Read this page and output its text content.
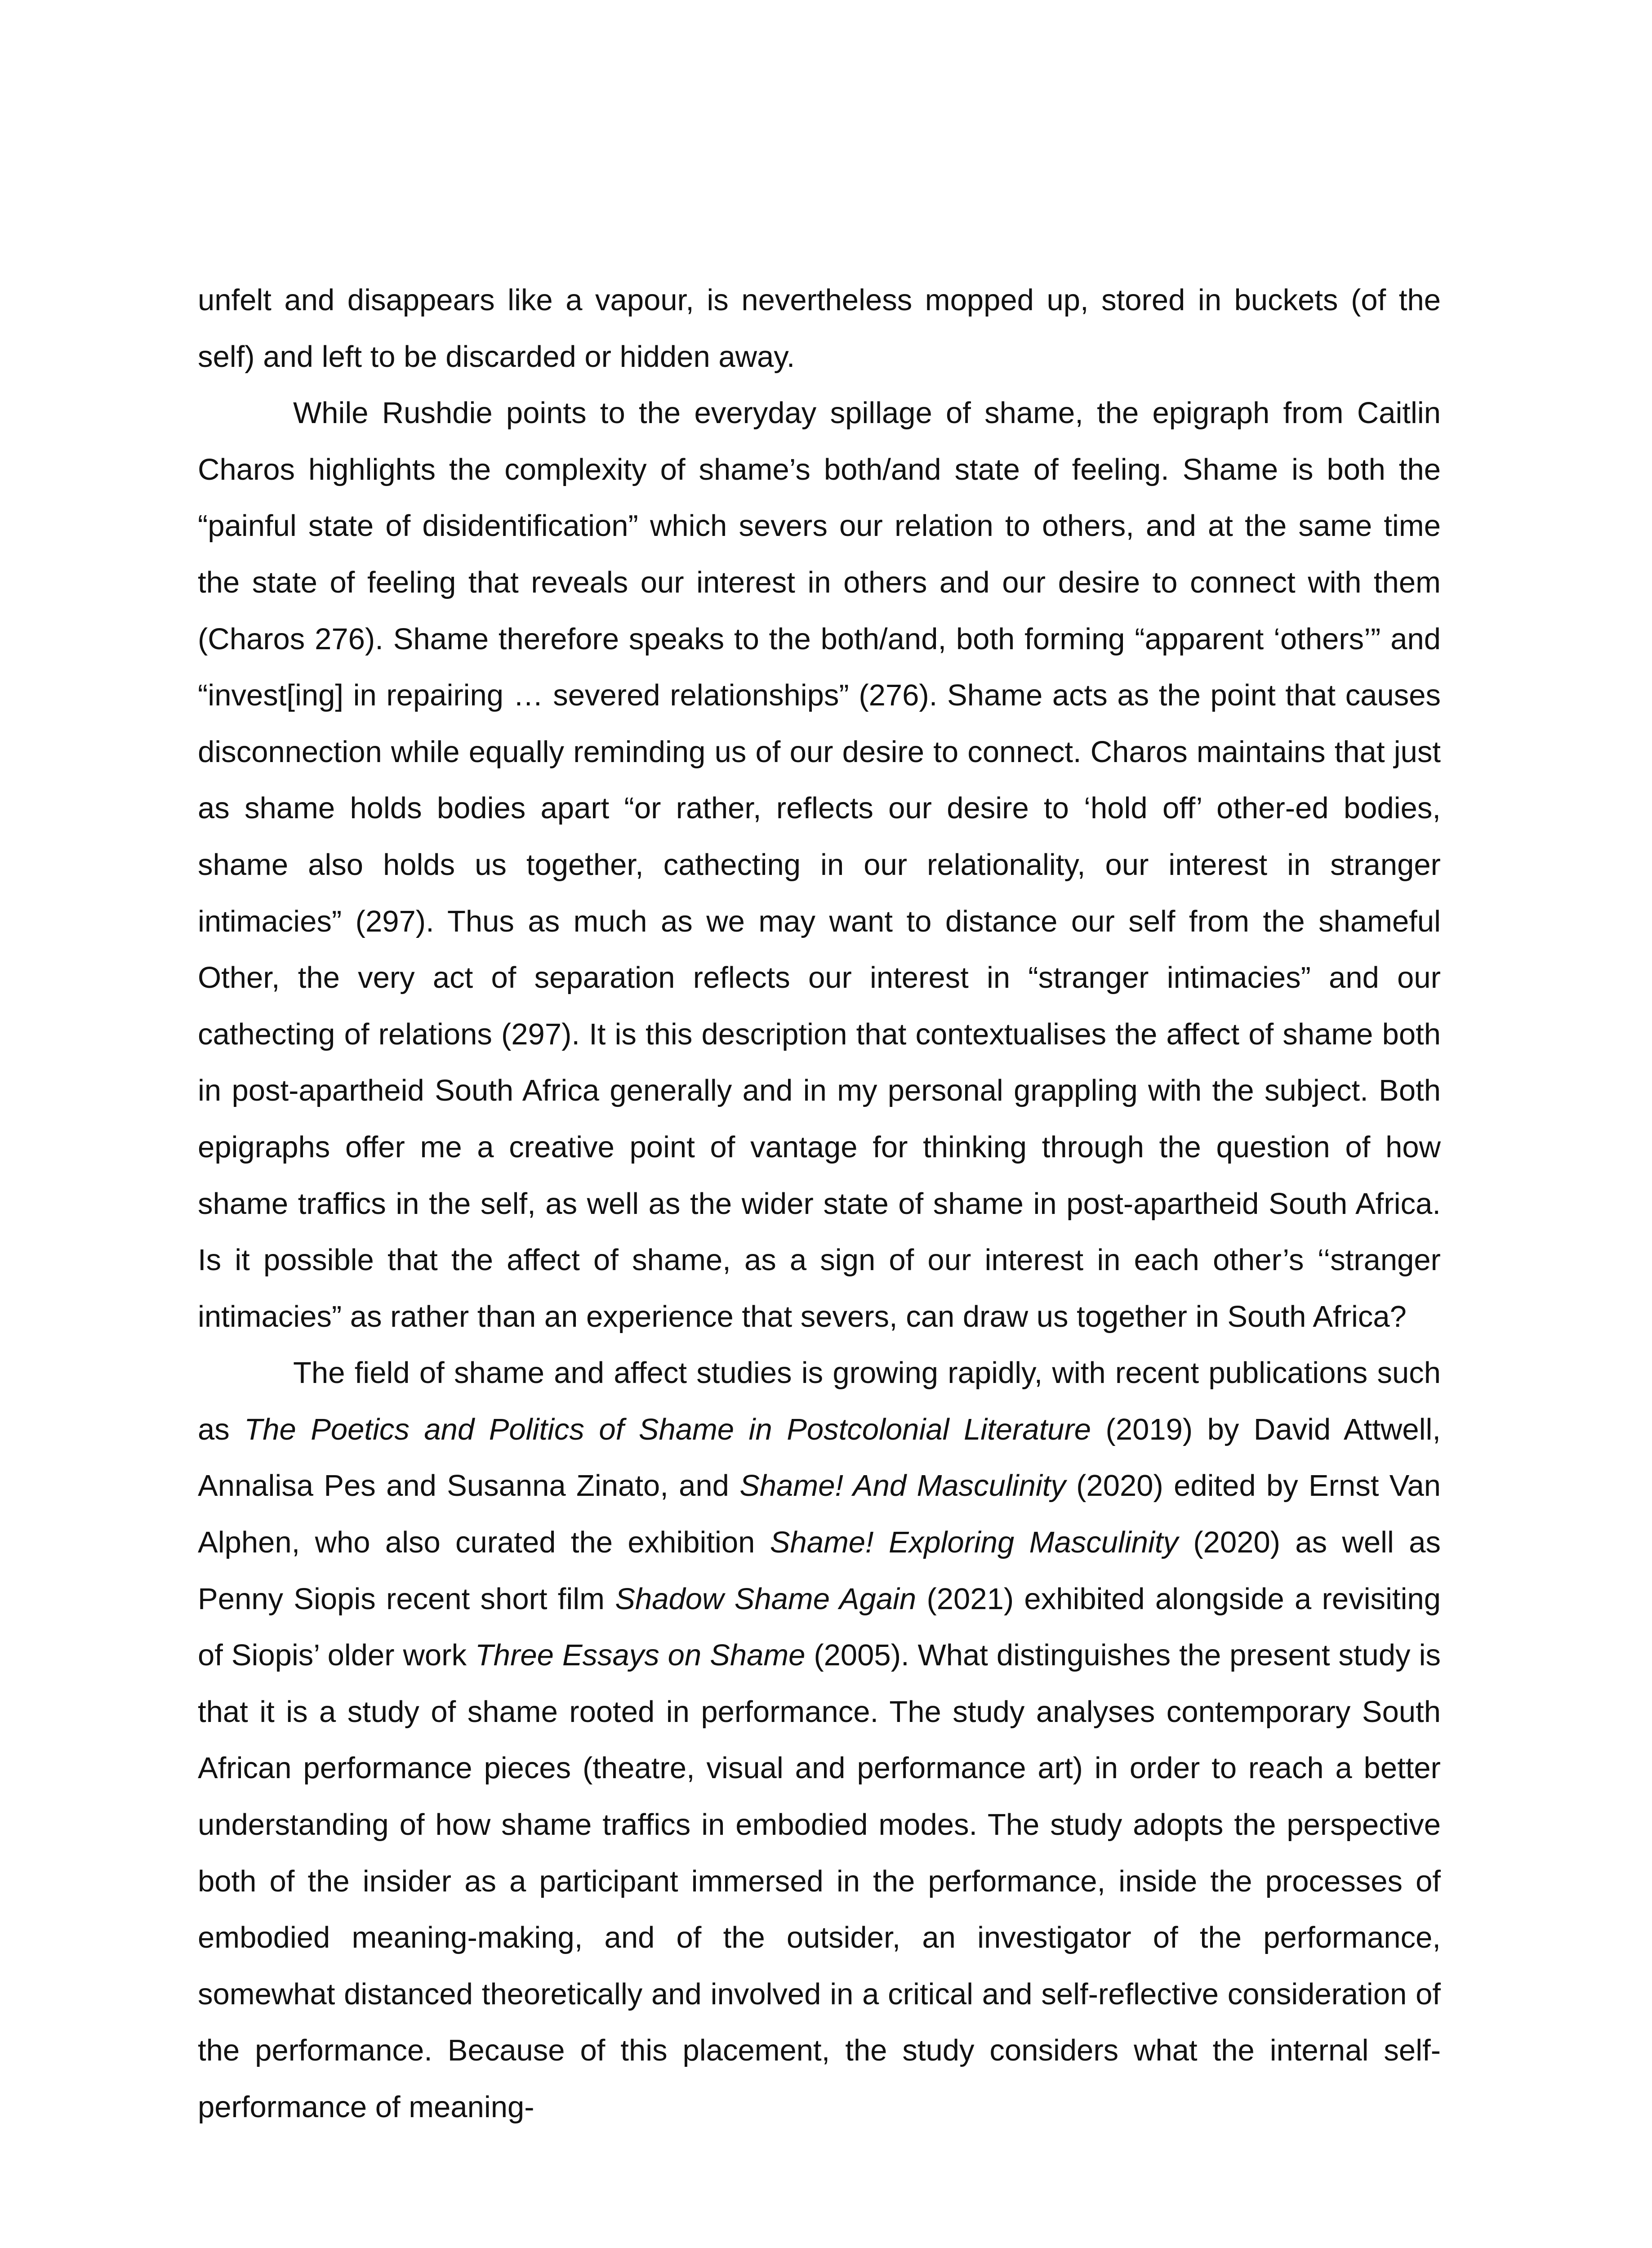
unfelt and disappears like a vapour, is nevertheless mopped up, stored in buckets (of the self) and left to be discarded or hidden away.

While Rushdie points to the everyday spillage of shame, the epigraph from Caitlin Charos highlights the complexity of shame’s both/and state of feeling. Shame is both the “painful state of disidentification” which severs our relation to others, and at the same time the state of feeling that reveals our interest in others and our desire to connect with them (Charos 276). Shame therefore speaks to the both/and, both forming “apparent ‘others’” and “invest[ing] in repairing … severed relationships” (276). Shame acts as the point that causes disconnection while equally reminding us of our desire to connect. Charos maintains that just as shame holds bodies apart “or rather, reflects our desire to ‘hold off’ other-ed bodies, shame also holds us together, cathecting in our relationality, our interest in stranger intimacies” (297). Thus as much as we may want to distance our self from the shameful Other, the very act of separation reflects our interest in “stranger intimacies” and our cathecting of relations (297). It is this description that contextualises the affect of shame both in post-apartheid South Africa generally and in my personal grappling with the subject. Both epigraphs offer me a creative point of vantage for thinking through the question of how shame traffics in the self, as well as the wider state of shame in post-apartheid South Africa. Is it possible that the affect of shame, as a sign of our interest in each other’s ‘‘stranger intimacies” as rather than an experience that severs, can draw us together in South Africa?

The field of shame and affect studies is growing rapidly, with recent publications such as The Poetics and Politics of Shame in Postcolonial Literature (2019) by David Attwell, Annalisa Pes and Susanna Zinato, and Shame! And Masculinity (2020) edited by Ernst Van Alphen, who also curated the exhibition Shame! Exploring Masculinity (2020) as well as Penny Siopis recent short film Shadow Shame Again (2021) exhibited alongside a revisiting of Siopis’ older work Three Essays on Shame (2005). What distinguishes the present study is that it is a study of shame rooted in performance. The study analyses contemporary South African performance pieces (theatre, visual and performance art) in order to reach a better understanding of how shame traffics in embodied modes. The study adopts the perspective both of the insider as a participant immersed in the performance, inside the processes of embodied meaning-making, and of the outsider, an investigator of the performance, somewhat distanced theoretically and involved in a critical and self-reflective consideration of the performance. Because of this placement, the study considers what the internal self-performance of meaning-
